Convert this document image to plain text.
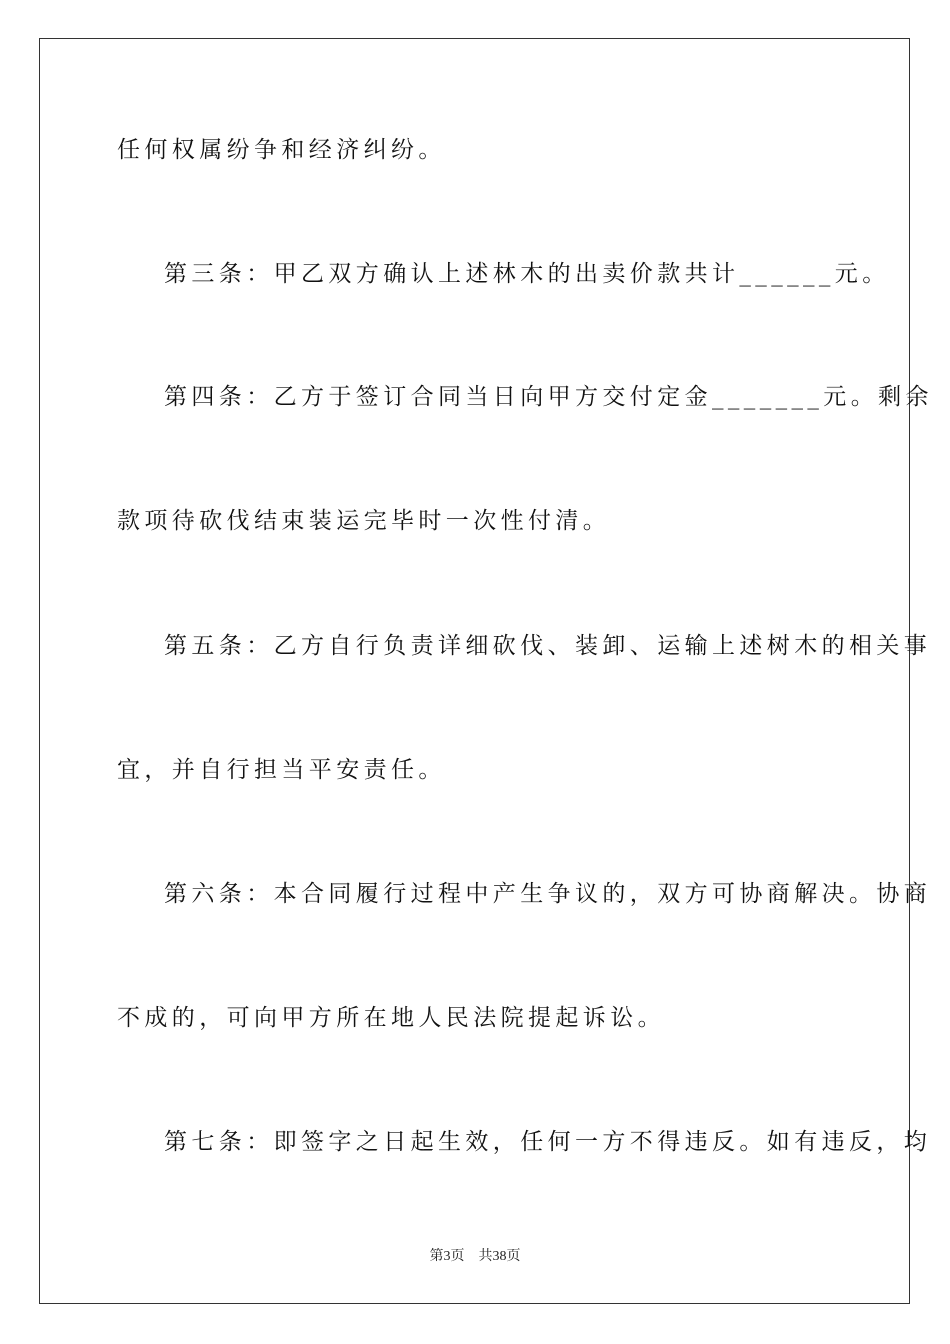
任何权属纷争和经济纠纷。

第三条：甲乙双方确认上述林木的出卖价款共计______元。

第四条：乙方于签订合同当日向甲方交付定金_______元。剩余

款项待砍伐结束装运完毕时一次性付清。

第五条：乙方自行负责详细砍伐、装卸、运输上述树木的相关事

宜，并自行担当平安责任。

第六条：本合同履行过程中产生争议的，双方可协商解决。协商

不成的，可向甲方所在地人民法院提起诉讼。

第七条：即签字之日起生效，任何一方不得违反。如有违反，均

第3页 共38页
